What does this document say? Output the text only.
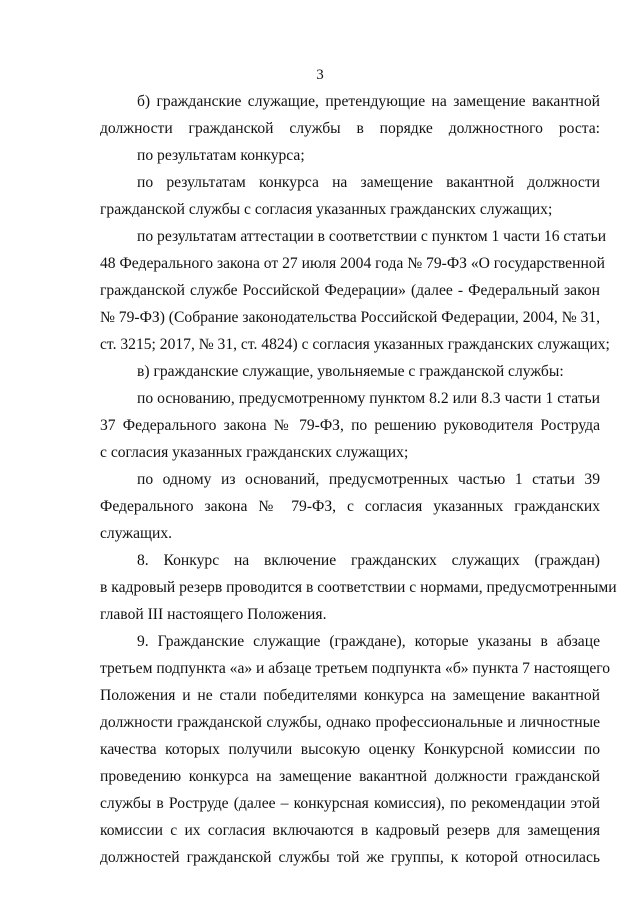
3
б) гражданские служащие, претендующие на замещение вакантной
должности гражданской службы в порядке должностного роста:
по результатам конкурса;
по результатам конкурса на замещение вакантной должности
гражданской службы с согласия указанных гражданских служащих;
по результатам аттестации в соответствии с пунктом 1 части 16 статьи
48 Федерального закона от 27 июля 2004 года № 79-ФЗ «О государственной
гражданской службе Российской Федерации» (далее - Федеральный закон
№ 79-ФЗ) (Собрание законодательства Российской Федерации, 2004, № 31,
ст. 3215; 2017, № 31, ст. 4824) с согласия указанных гражданских служащих;
в) гражданские служащие, увольняемые с гражданской службы:
по основанию, предусмотренному пунктом 8.2 или 8.3 части 1 статьи
37 Федерального закона № 79-ФЗ, по решению руководителя Роструда
с согласия указанных гражданских служащих;
по одному из оснований, предусмотренных частью 1 статьи 39
Федерального закона № 79-ФЗ, с согласия указанных гражданских
служащих.
8. Конкурс на включение гражданских служащих (граждан)
в кадровый резерв проводится в соответствии с нормами, предусмотренными
главой III настоящего Положения.
9. Гражданские служащие (граждане), которые указаны в абзаце
третьем подпункта «а» и абзаце третьем подпункта «б» пункта 7 настоящего
Положения и не стали победителями конкурса на замещение вакантной
должности гражданской службы, однако профессиональные и личностные
качества которых получили высокую оценку Конкурсной комиссии по
проведению конкурса на замещение вакантной должности гражданской
службы в Роструде (далее – конкурсная комиссия), по рекомендации этой
комиссии с их согласия включаются в кадровый резерв для замещения
должностей гражданской службы той же группы, к которой относилась
